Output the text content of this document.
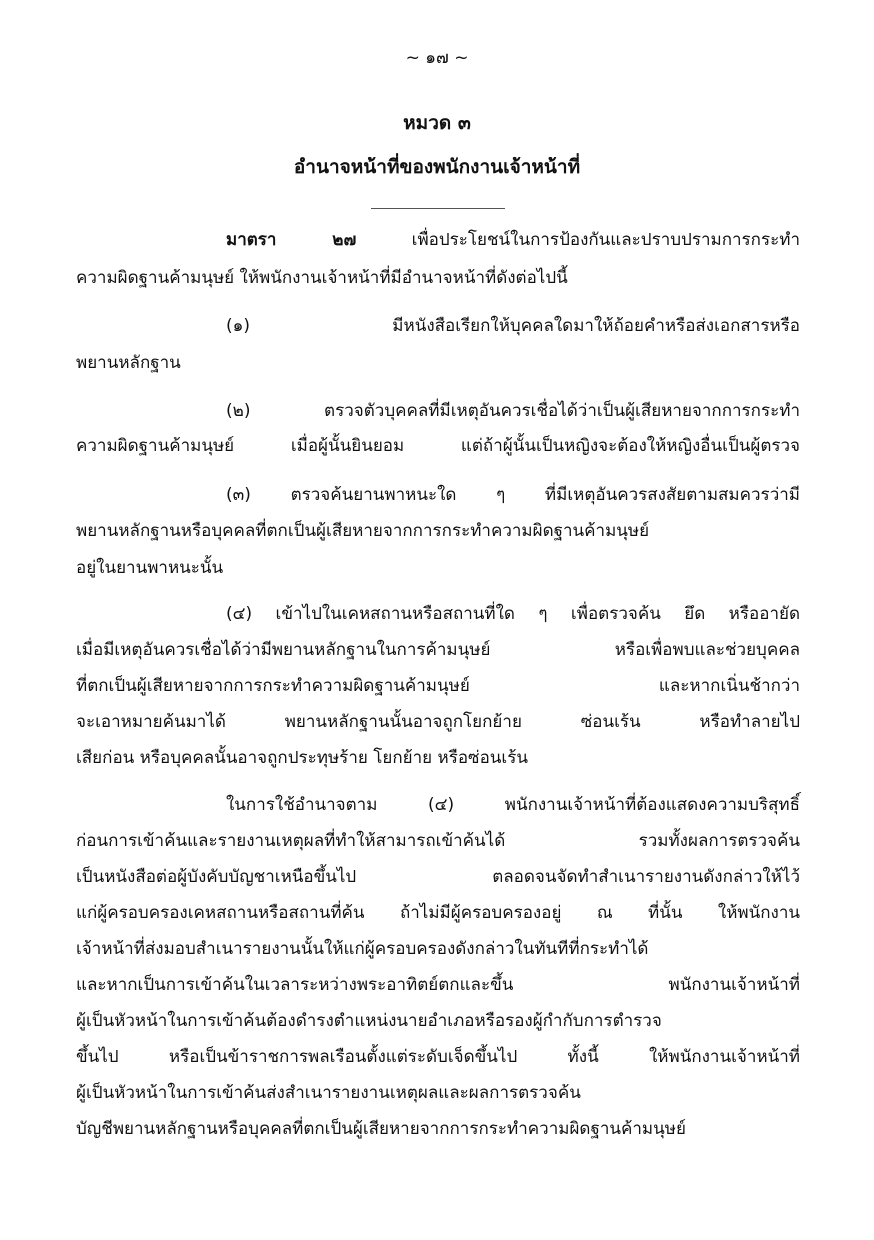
~ ๑๗ ~
หมวด ๓
อำนาจหน้าที่ของพนักงานเจ้าหน้าที่
มาตรา ๒๗	เพื่อประโยชน์ในการป้องกันและปราบปรามการกระทำ
ความผิดฐานค้ามนุษย์ ให้พนักงานเจ้าหน้าที่มีอำนาจหน้าที่ดังต่อไปนี้
(๑) มีหนังสือเรียกให้บุคคลใดมาให้ถ้อยคำหรือส่งเอกสารหรือ
พยานหลักฐาน
(๒) ตรวจตัวบุคคลที่มีเหตุอันควรเชื่อได้ว่าเป็นผู้เสียหายจากการกระทำ
ความผิดฐานค้ามนุษย์ เมื่อผู้นั้นยินยอม แต่ถ้าผู้นั้นเป็นหญิงจะต้องให้หญิงอื่นเป็นผู้ตรวจ
(๓) ตรวจค้นยานพาหนะใด ๆ ที่มีเหตุอันควรสงสัยตามสมควรว่ามี
พยานหลักฐานหรือบุคคลที่ตกเป็นผู้เสียหายจากการกระทำความผิดฐานค้ามนุษย์
อยู่ในยานพาหนะนั้น
(๔) เข้าไปในเคหสถานหรือสถานที่ใด ๆ เพื่อตรวจค้น ยึด หรืออายัด
เมื่อมีเหตุอันควรเชื่อได้ว่ามีพยานหลักฐานในการค้ามนุษย์ หรือเพื่อพบและช่วยบุคคล
ที่ตกเป็นผู้เสียหายจากการกระทำความผิดฐานค้ามนุษย์ และหากเนิ่นช้ากว่า
จะเอาหมายค้นมาได้ พยานหลักฐานนั้นอาจถูกโยกย้าย ซ่อนเร้น หรือทำลายไป
เสียก่อน หรือบุคคลนั้นอาจถูกประทุษร้าย โยกย้าย หรือซ่อนเร้น
ในการใช้อำนาจตาม (๔) พนักงานเจ้าหน้าที่ต้องแสดงความบริสุทธิ์
ก่อนการเข้าค้นและรายงานเหตุผลที่ทำให้สามารถเข้าค้นได้ รวมทั้งผลการตรวจค้น
เป็นหนังสือต่อผู้บังคับบัญชาเหนือขึ้นไป ตลอดจนจัดทำสำเนารายงานดังกล่าวให้ไว้
แก่ผู้ครอบครองเคหสถานหรือสถานที่ค้น ถ้าไม่มีผู้ครอบครองอยู่ ณ ที่นั้น ให้พนักงาน
เจ้าหน้าที่ส่งมอบสำเนารายงานนั้นให้แก่ผู้ครอบครองดังกล่าวในทันทีที่กระทำได้
และหากเป็นการเข้าค้นในเวลาระหว่างพระอาทิตย์ตกและขึ้น พนักงานเจ้าหน้าที่
ผู้เป็นหัวหน้าในการเข้าค้นต้องดำรงตำแหน่งนายอำเภอหรือรองผู้กำกับการตำรวจ
ขึ้นไป หรือเป็นข้าราชการพลเรือนตั้งแต่ระดับเจ็ดขึ้นไป ทั้งนี้ ให้พนักงานเจ้าหน้าที่
ผู้เป็นหัวหน้าในการเข้าค้นส่งสำเนารายงานเหตุผลและผลการตรวจค้น
บัญชีพยานหลักฐานหรือบุคคลที่ตกเป็นผู้เสียหายจากการกระทำความผิดฐานค้ามนุษย์
